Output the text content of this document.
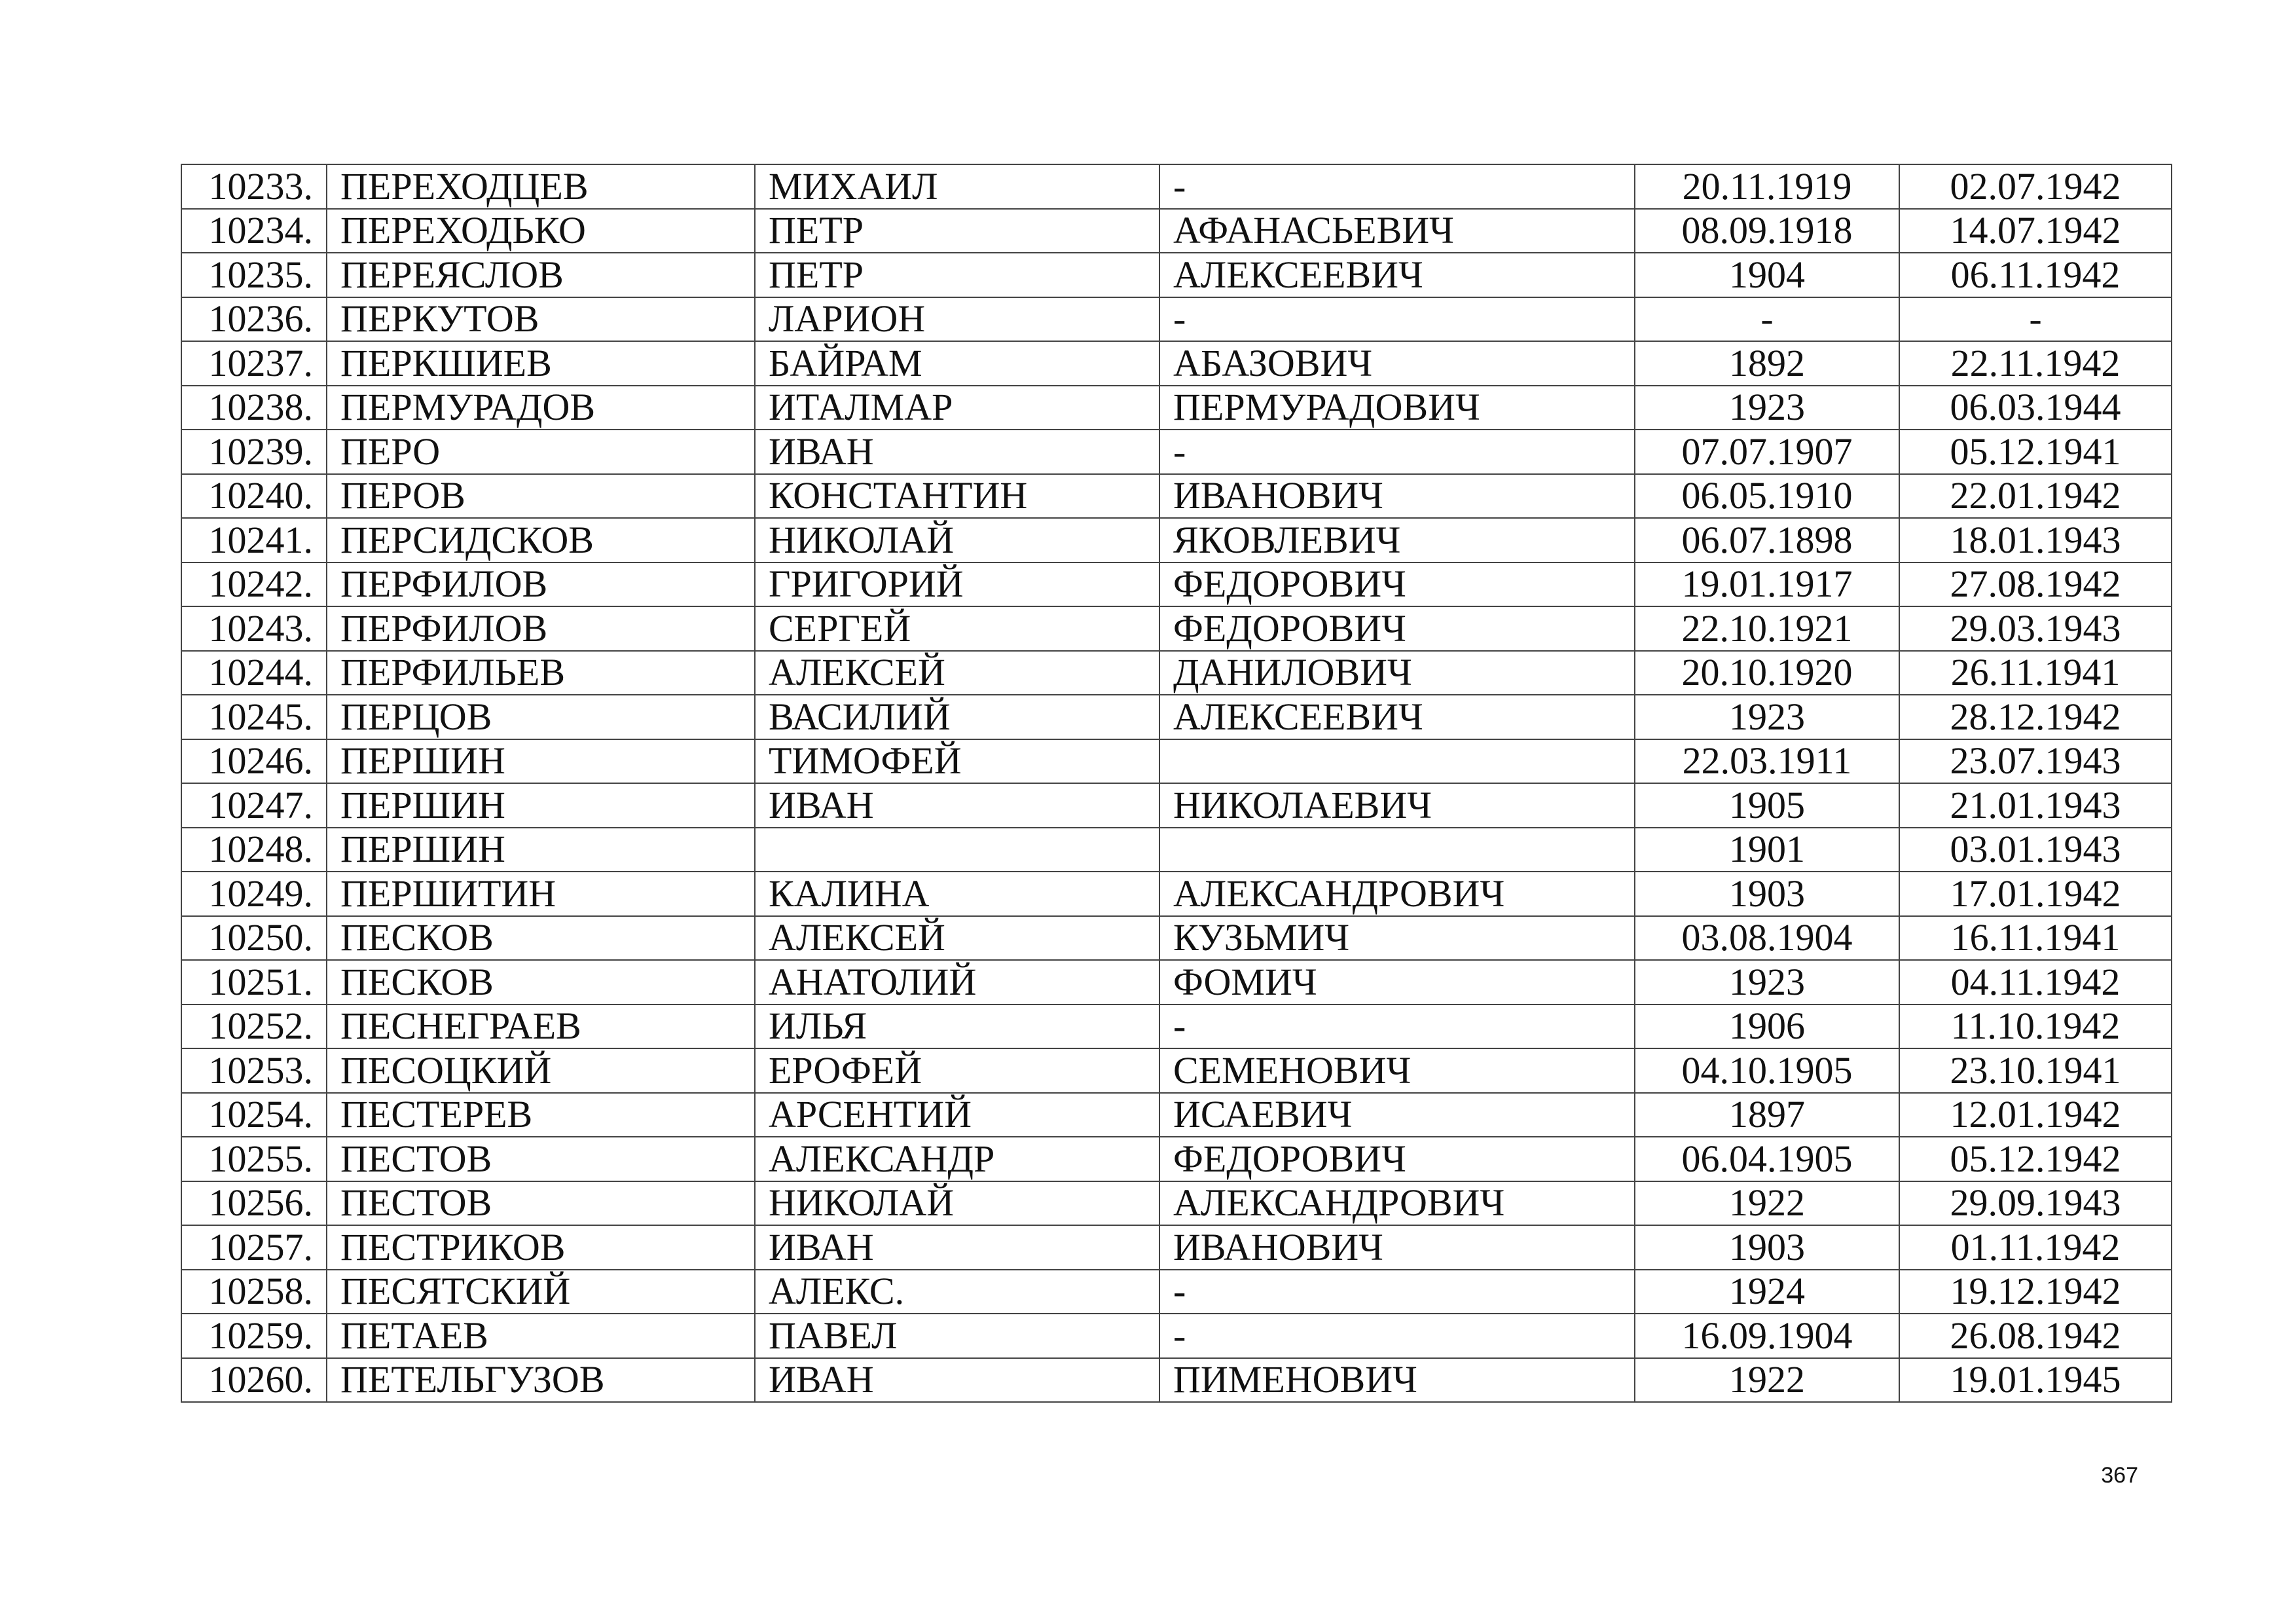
10233.	ПЕРЕХОДЦЕВ	МИХАИЛ	-	20.11.1919	02.07.1942
10234.	ПЕРЕХОДЬКО	ПЕТР	АФАНАСЬЕВИЧ	08.09.1918	14.07.1942
10235.	ПЕРЕЯСЛОВ	ПЕТР	АЛЕКСЕЕВИЧ	1904	06.11.1942
10236.	ПЕРКУТОВ	ЛАРИОН	-	-	-
10237.	ПЕРКШИЕВ	БАЙРАМ	АБАЗОВИЧ	1892	22.11.1942
10238.	ПЕРМУРАДОВ	ИТАЛМАР	ПЕРМУРАДОВИЧ	1923	06.03.1944
10239.	ПЕРО	ИВАН	-	07.07.1907	05.12.1941
10240.	ПЕРОВ	КОНСТАНТИН	ИВАНОВИЧ	06.05.1910	22.01.1942
10241.	ПЕРСИДСКОВ	НИКОЛАЙ	ЯКОВЛЕВИЧ	06.07.1898	18.01.1943
10242.	ПЕРФИЛОВ	ГРИГОРИЙ	ФЕДОРОВИЧ	19.01.1917	27.08.1942
10243.	ПЕРФИЛОВ	СЕРГЕЙ	ФЕДОРОВИЧ	22.10.1921	29.03.1943
10244.	ПЕРФИЛЬЕВ	АЛЕКСЕЙ	ДАНИЛОВИЧ	20.10.1920	26.11.1941
10245.	ПЕРЦОВ	ВАСИЛИЙ	АЛЕКСЕЕВИЧ	1923	28.12.1942
10246.	ПЕРШИН	ТИМОФЕЙ		22.03.1911	23.07.1943
10247.	ПЕРШИН	ИВАН	НИКОЛАЕВИЧ	1905	21.01.1943
10248.	ПЕРШИН			1901	03.01.1943
10249.	ПЕРШИТИН	КАЛИНА	АЛЕКСАНДРОВИЧ	1903	17.01.1942
10250.	ПЕСКОВ	АЛЕКСЕЙ	КУЗЬМИЧ	03.08.1904	16.11.1941
10251.	ПЕСКОВ	АНАТОЛИЙ	ФОМИЧ	1923	04.11.1942
10252.	ПЕСНЕГРАЕВ	ИЛЬЯ	-	1906	11.10.1942
10253.	ПЕСОЦКИЙ	ЕРОФЕЙ	СЕМЕНОВИЧ	04.10.1905	23.10.1941
10254.	ПЕСТЕРЕВ	АРСЕНТИЙ	ИСАЕВИЧ	1897	12.01.1942
10255.	ПЕСТОВ	АЛЕКСАНДР	ФЕДОРОВИЧ	06.04.1905	05.12.1942
10256.	ПЕСТОВ	НИКОЛАЙ	АЛЕКСАНДРОВИЧ	1922	29.09.1943
10257.	ПЕСТРИКОВ	ИВАН	ИВАНОВИЧ	1903	01.11.1942
10258.	ПЕСЯТСКИЙ	АЛЕКС.	-	1924	19.12.1942
10259.	ПЕТАЕВ	ПАВЕЛ	-	16.09.1904	26.08.1942
10260.	ПЕТЕЛЬГУЗОВ	ИВАН	ПИМЕНОВИЧ	1922	19.01.1945
367
